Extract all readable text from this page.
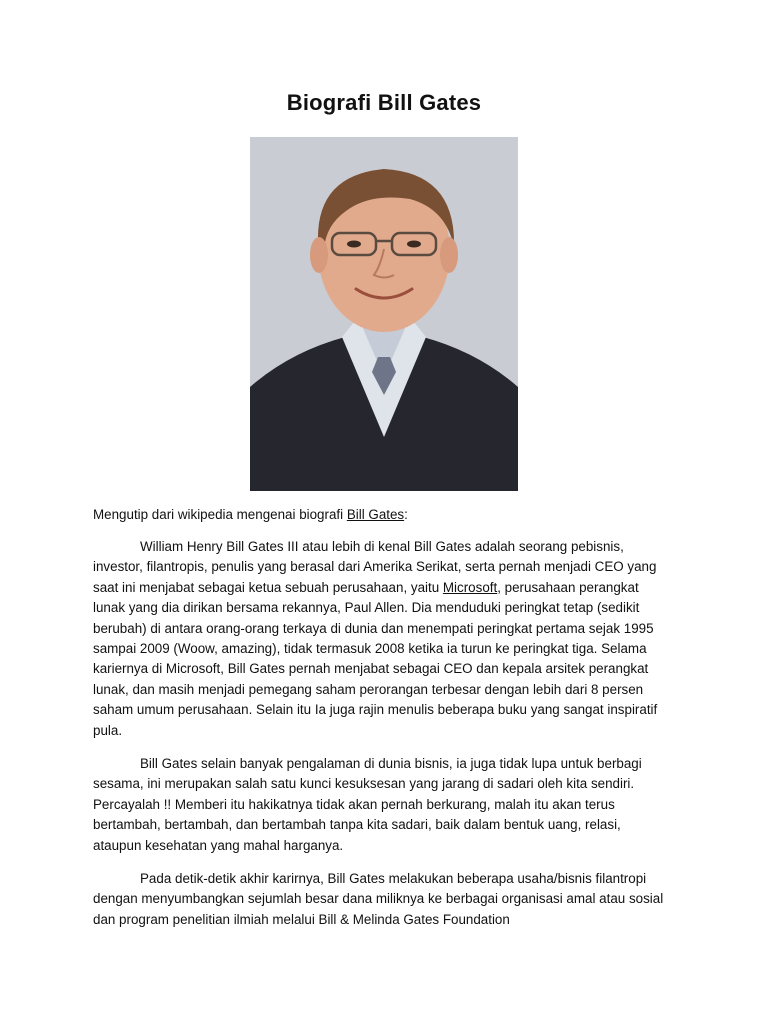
Biografi Bill Gates
Mengutip dari wikipedia mengenai biografi Bill Gates:

William Henry Bill Gates III atau lebih di kenal Bill Gates adalah seorang pebisnis, investor, filantropis, penulis yang berasal dari Amerika Serikat, serta pernah menjadi CEO yang saat ini menjabat sebagai ketua sebuah perusahaan, yaitu Microsoft, perusahaan perangkat lunak yang dia dirikan bersama rekannya, Paul Allen. Dia menduduki peringkat tetap (sedikit berubah) di antara orang-orang terkaya di dunia dan menempati peringkat pertama sejak 1995 sampai 2009 (Woow, amazing), tidak termasuk 2008 ketika ia turun ke peringkat tiga. Selama kariernya di Microsoft, Bill Gates pernah menjabat sebagai CEO dan kepala arsitek perangkat lunak, dan masih menjadi pemegang saham perorangan terbesar dengan lebih dari 8 persen saham umum perusahaan. Selain itu Ia juga rajin menulis beberapa buku yang sangat inspiratif pula.

Bill Gates selain banyak pengalaman di dunia bisnis, ia juga tidak lupa untuk berbagi sesama, ini merupakan salah satu kunci kesuksesan yang jarang di sadari oleh kita sendiri. Percayalah !! Memberi itu hakikatnya tidak akan pernah berkurang, malah itu akan terus bertambah, bertambah, dan bertambah tanpa kita sadari, baik dalam bentuk uang, relasi, ataupun kesehatan yang mahal harganya.

Pada detik-detik akhir karirnya, Bill Gates melakukan beberapa usaha/bisnis filantropi dengan menyumbangkan sejumlah besar dana miliknya ke berbagai organisasi amal atau sosial dan program penelitian ilmiah melalui Bill & Melinda Gates Foundation
